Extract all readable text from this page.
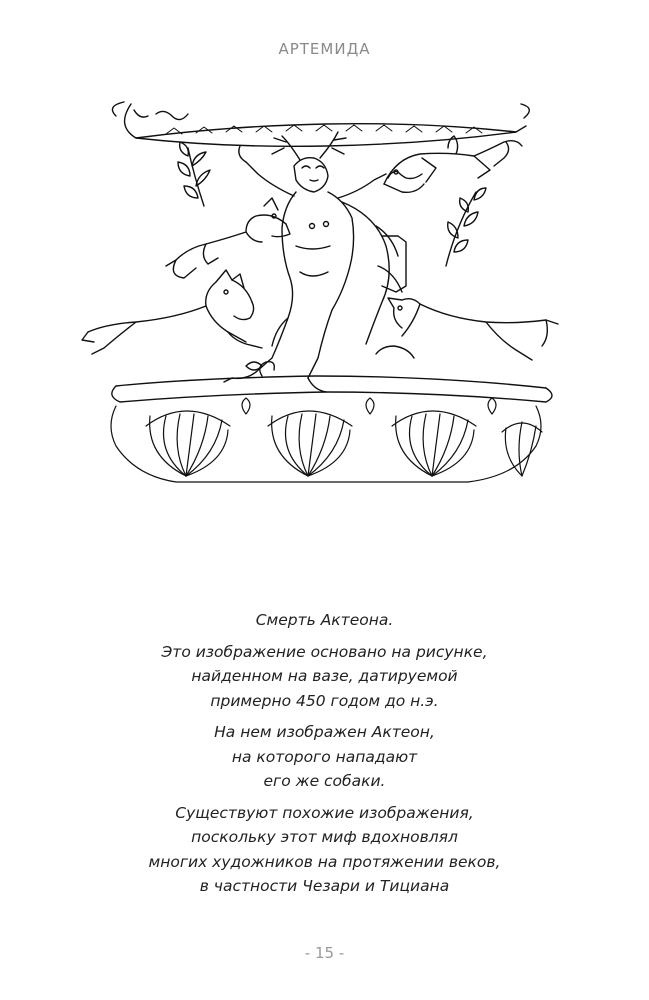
АРТЕМИДА
Смерть Актеона.
Это изображение основано на рисунке,
найденном на вазе, датируемой
примерно 450 годом до н.э.
На нем изображен Актеон,
на которого нападают
его же собаки.
Существуют похожие изображения,
поскольку этот миф вдохновлял
многих художников на протяжении веков,
в частности Чезари и Тициана
- 15 -
